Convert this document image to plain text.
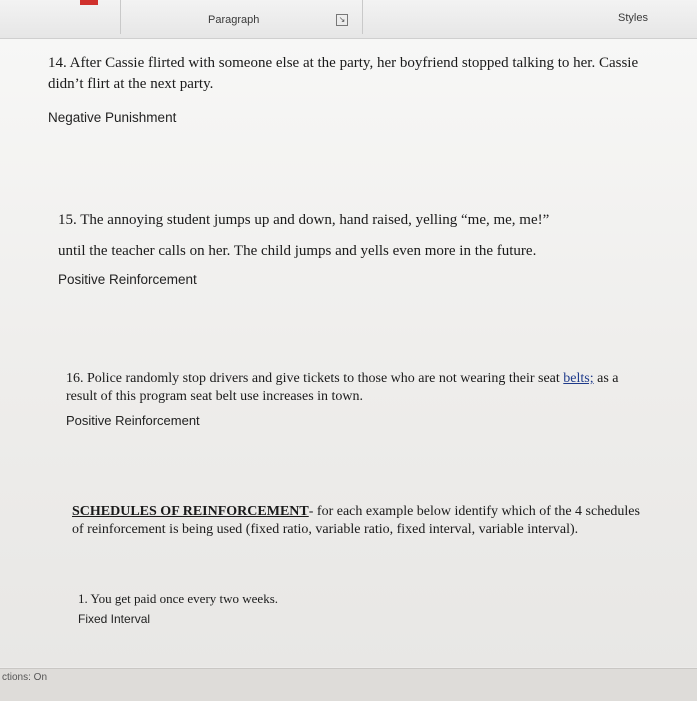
Paragraph	↘	Styles
14. After Cassie flirted with someone else at the party, her boyfriend stopped talking to her. Cassie
didn’t flirt at the next party.
Negative Punishment
15. The annoying student jumps up and down, hand raised, yelling “me, me, me!”
until the teacher calls on her. The child jumps and yells even more in the future.
Positive Reinforcement
16. Police randomly stop drivers and give tickets to those who are not wearing their seat belts; as a
result of this program seat belt use increases in town.
Positive Reinforcement
SCHEDULES OF REINFORCEMENT- for each example below identify which of the 4 schedules
of reinforcement is being used (fixed ratio, variable ratio, fixed interval, variable interval).
1. You get paid once every two weeks.
Fixed Interval
ctions: On
